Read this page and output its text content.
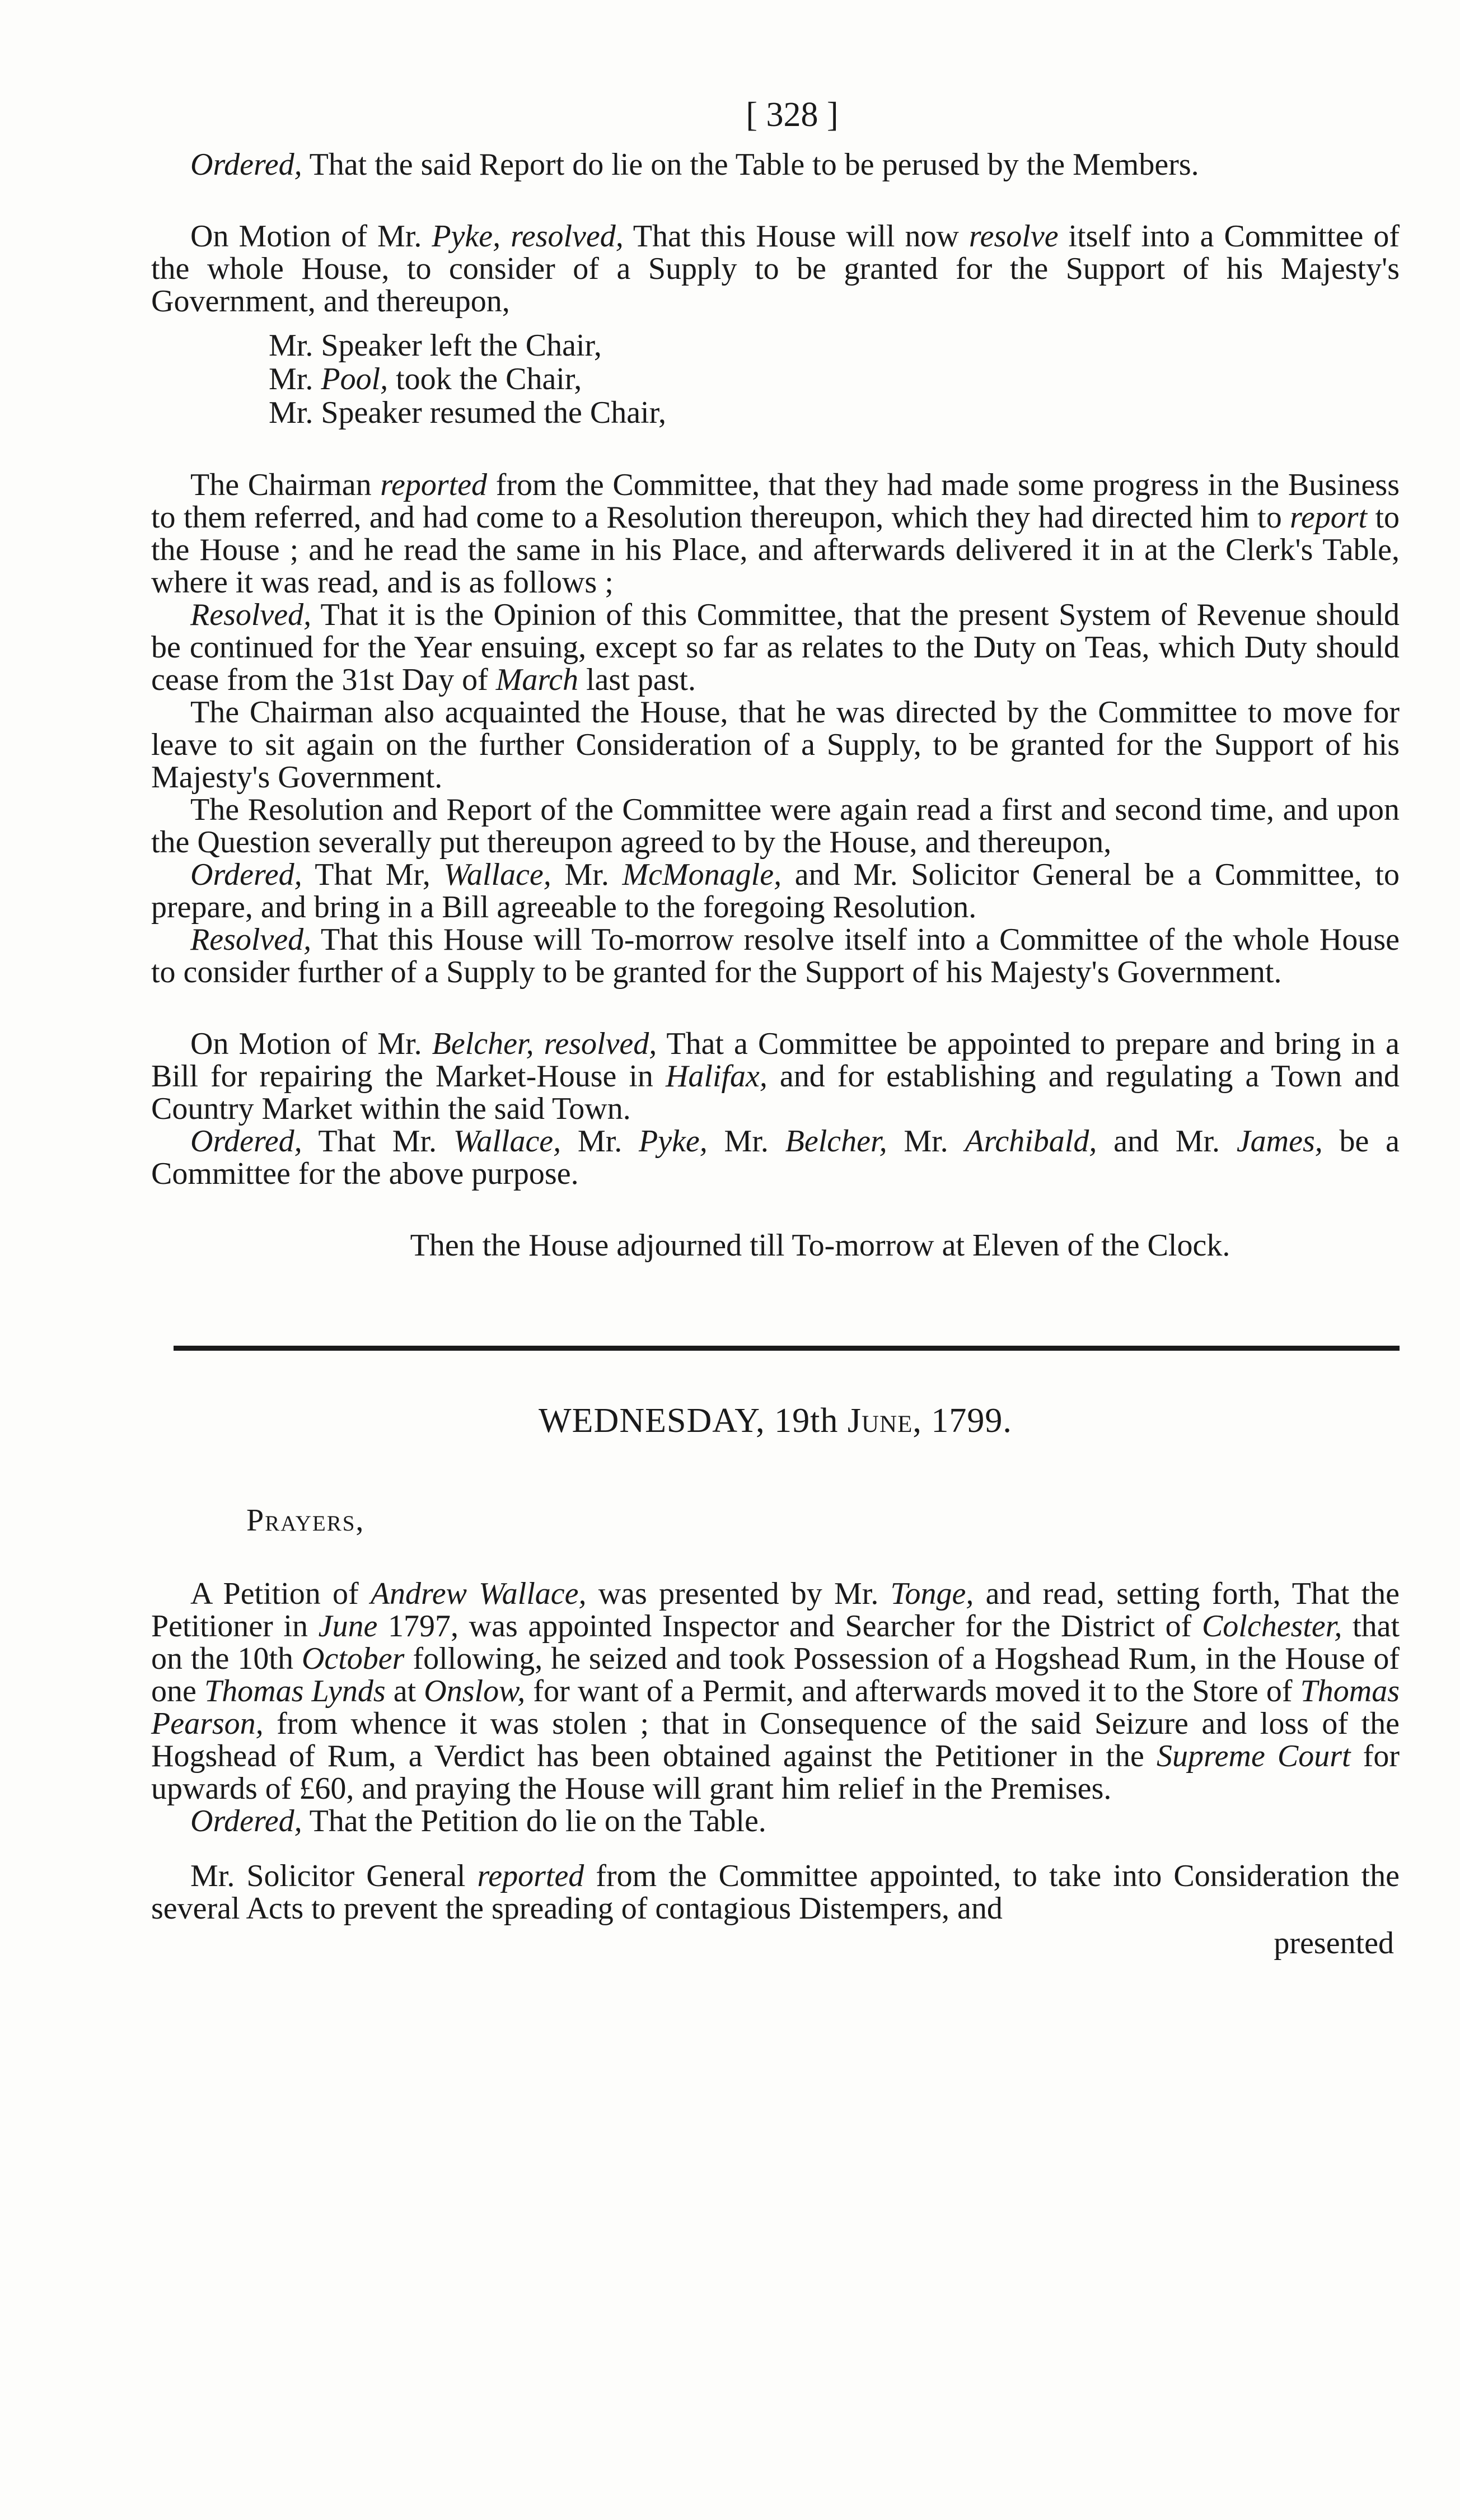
[ 328 ]

Ordered, That the said Report do lie on the Table to be perused by the Members.

On Motion of Mr. Pyke, resolved, That this House will now resolve itself into a Committee of the whole House, to consider of a Supply to be granted for the Support of his Majesty's Government, and thereupon,

Mr. Speaker left the Chair,

Mr. Pool, took the Chair,

Mr. Speaker resumed the Chair,

The Chairman reported from the Committee, that they had made some progress in the Business to them referred, and had come to a Resolution thereupon, which they had directed him to report to the House ; and he read the same in his Place, and afterwards delivered it in at the Clerk's Table, where it was read, and is as follows ;

Resolved, That it is the Opinion of this Committee, that the present System of Revenue should be continued for the Year ensuing, except so far as relates to the Duty on Teas, which Duty should cease from the 31st Day of March last past.

The Chairman also acquainted the House, that he was directed by the Committee to move for leave to sit again on the further Consideration of a Supply, to be granted for the Support of his Majesty's Government.

The Resolution and Report of the Committee were again read a first and second time, and upon the Question severally put thereupon agreed to by the House, and thereupon,

Ordered, That Mr, Wallace, Mr. McMonagle, and Mr. Solicitor General be a Committee, to prepare, and bring in a Bill agreeable to the foregoing Resolution.

Resolved, That this House will To-morrow resolve itself into a Committee of the whole House to consider further of a Supply to be granted for the Support of his Majesty's Government.

On Motion of Mr. Belcher, resolved, That a Committee be appointed to prepare and bring in a Bill for repairing the Market-House in Halifax, and for establishing and regulating a Town and Country Market within the said Town.

Ordered, That Mr. Wallace, Mr. Pyke, Mr. Belcher, Mr. Archibald, and Mr. James, be a Committee for the above purpose.

Then the House adjourned till To-morrow at Eleven of the Clock.

WEDNESDAY, 19th June, 1799.
Prayers,

A Petition of Andrew Wallace, was presented by Mr. Tonge, and read, setting forth, That the Petitioner in June 1797, was appointed Inspector and Searcher for the District of Colchester, that on the 10th October following, he seized and took Possession of a Hogshead Rum, in the House of one Thomas Lynds at Onslow, for want of a Permit, and afterwards moved it to the Store of Thomas Pearson, from whence it was stolen ; that in Consequence of the said Seizure and loss of the Hogshead of Rum, a Verdict has been obtained against the Petitioner in the Supreme Court for upwards of £60, and praying the House will grant him relief in the Premises.

Ordered, That the Petition do lie on the Table.

Mr. Solicitor General reported from the Committee appointed, to take into Consideration the several Acts to prevent the spreading of contagious Distempers, and

presented
